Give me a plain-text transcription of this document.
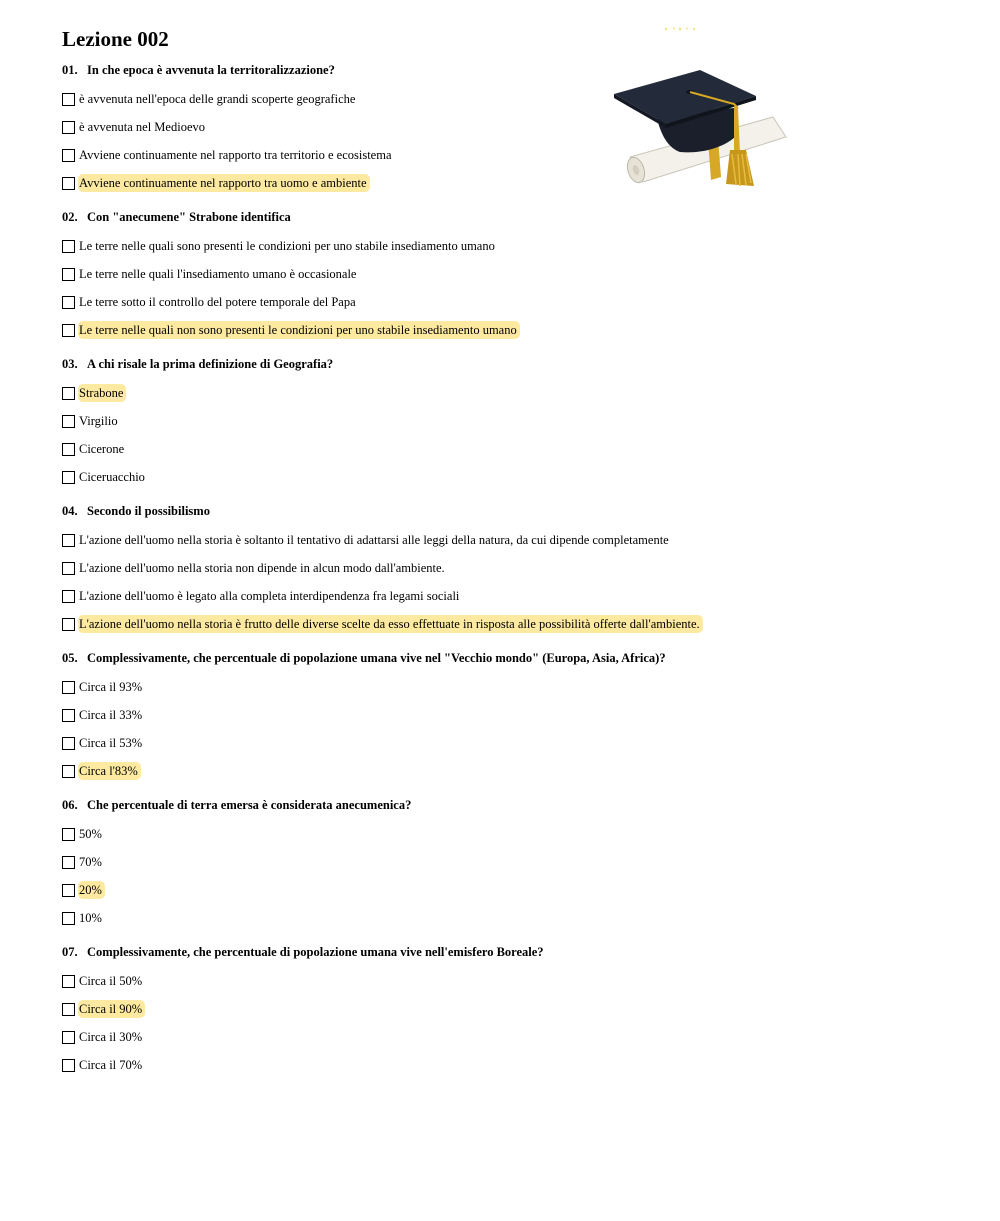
Lezione 002
01. In che epoca è avvenuta la territoralizzazione?
è avvenuta nell'epoca delle grandi scoperte geografiche
è avvenuta nel Medioevo
Avviene continuamente nel rapporto tra territorio e ecosistema
Avviene continuamente nel rapporto tra uomo e ambiente
02. Con "anecumene" Strabone identifica
Le terre nelle quali sono presenti le condizioni per uno stabile insediamento umano
Le terre nelle quali l'insediamento umano è occasionale
Le terre sotto il controllo del potere temporale del Papa
Le terre nelle quali non sono presenti le condizioni per uno stabile insediamento umano
03. A chi risale la prima definizione di Geografia?
Strabone
Virgilio
Cicerone
Ciceruacchio
04. Secondo il possibilismo
L'azione dell'uomo nella storia è soltanto il tentativo di adattarsi alle leggi della natura, da cui dipende completamente
L'azione dell'uomo nella storia non dipende in alcun modo dall'ambiente.
L'azione dell'uomo è legato alla completa interdipendenza fra legami sociali
L'azione dell'uomo nella storia è frutto delle diverse scelte da esso effettuate in risposta alle possibilità offerte dall'ambiente.
05. Complessivamente, che percentuale di popolazione umana vive nel "Vecchio mondo" (Europa, Asia, Africa)?
Circa il 93%
Circa il 33%
Circa il 53%
Circa l'83%
06. Che percentuale di terra emersa è considerata anecumenica?
50%
70%
20%
10%
07. Complessivamente, che percentuale di popolazione umana vive nell'emisfero Boreale?
Circa il 50%
Circa il 90%
Circa il 30%
Circa il 70%
